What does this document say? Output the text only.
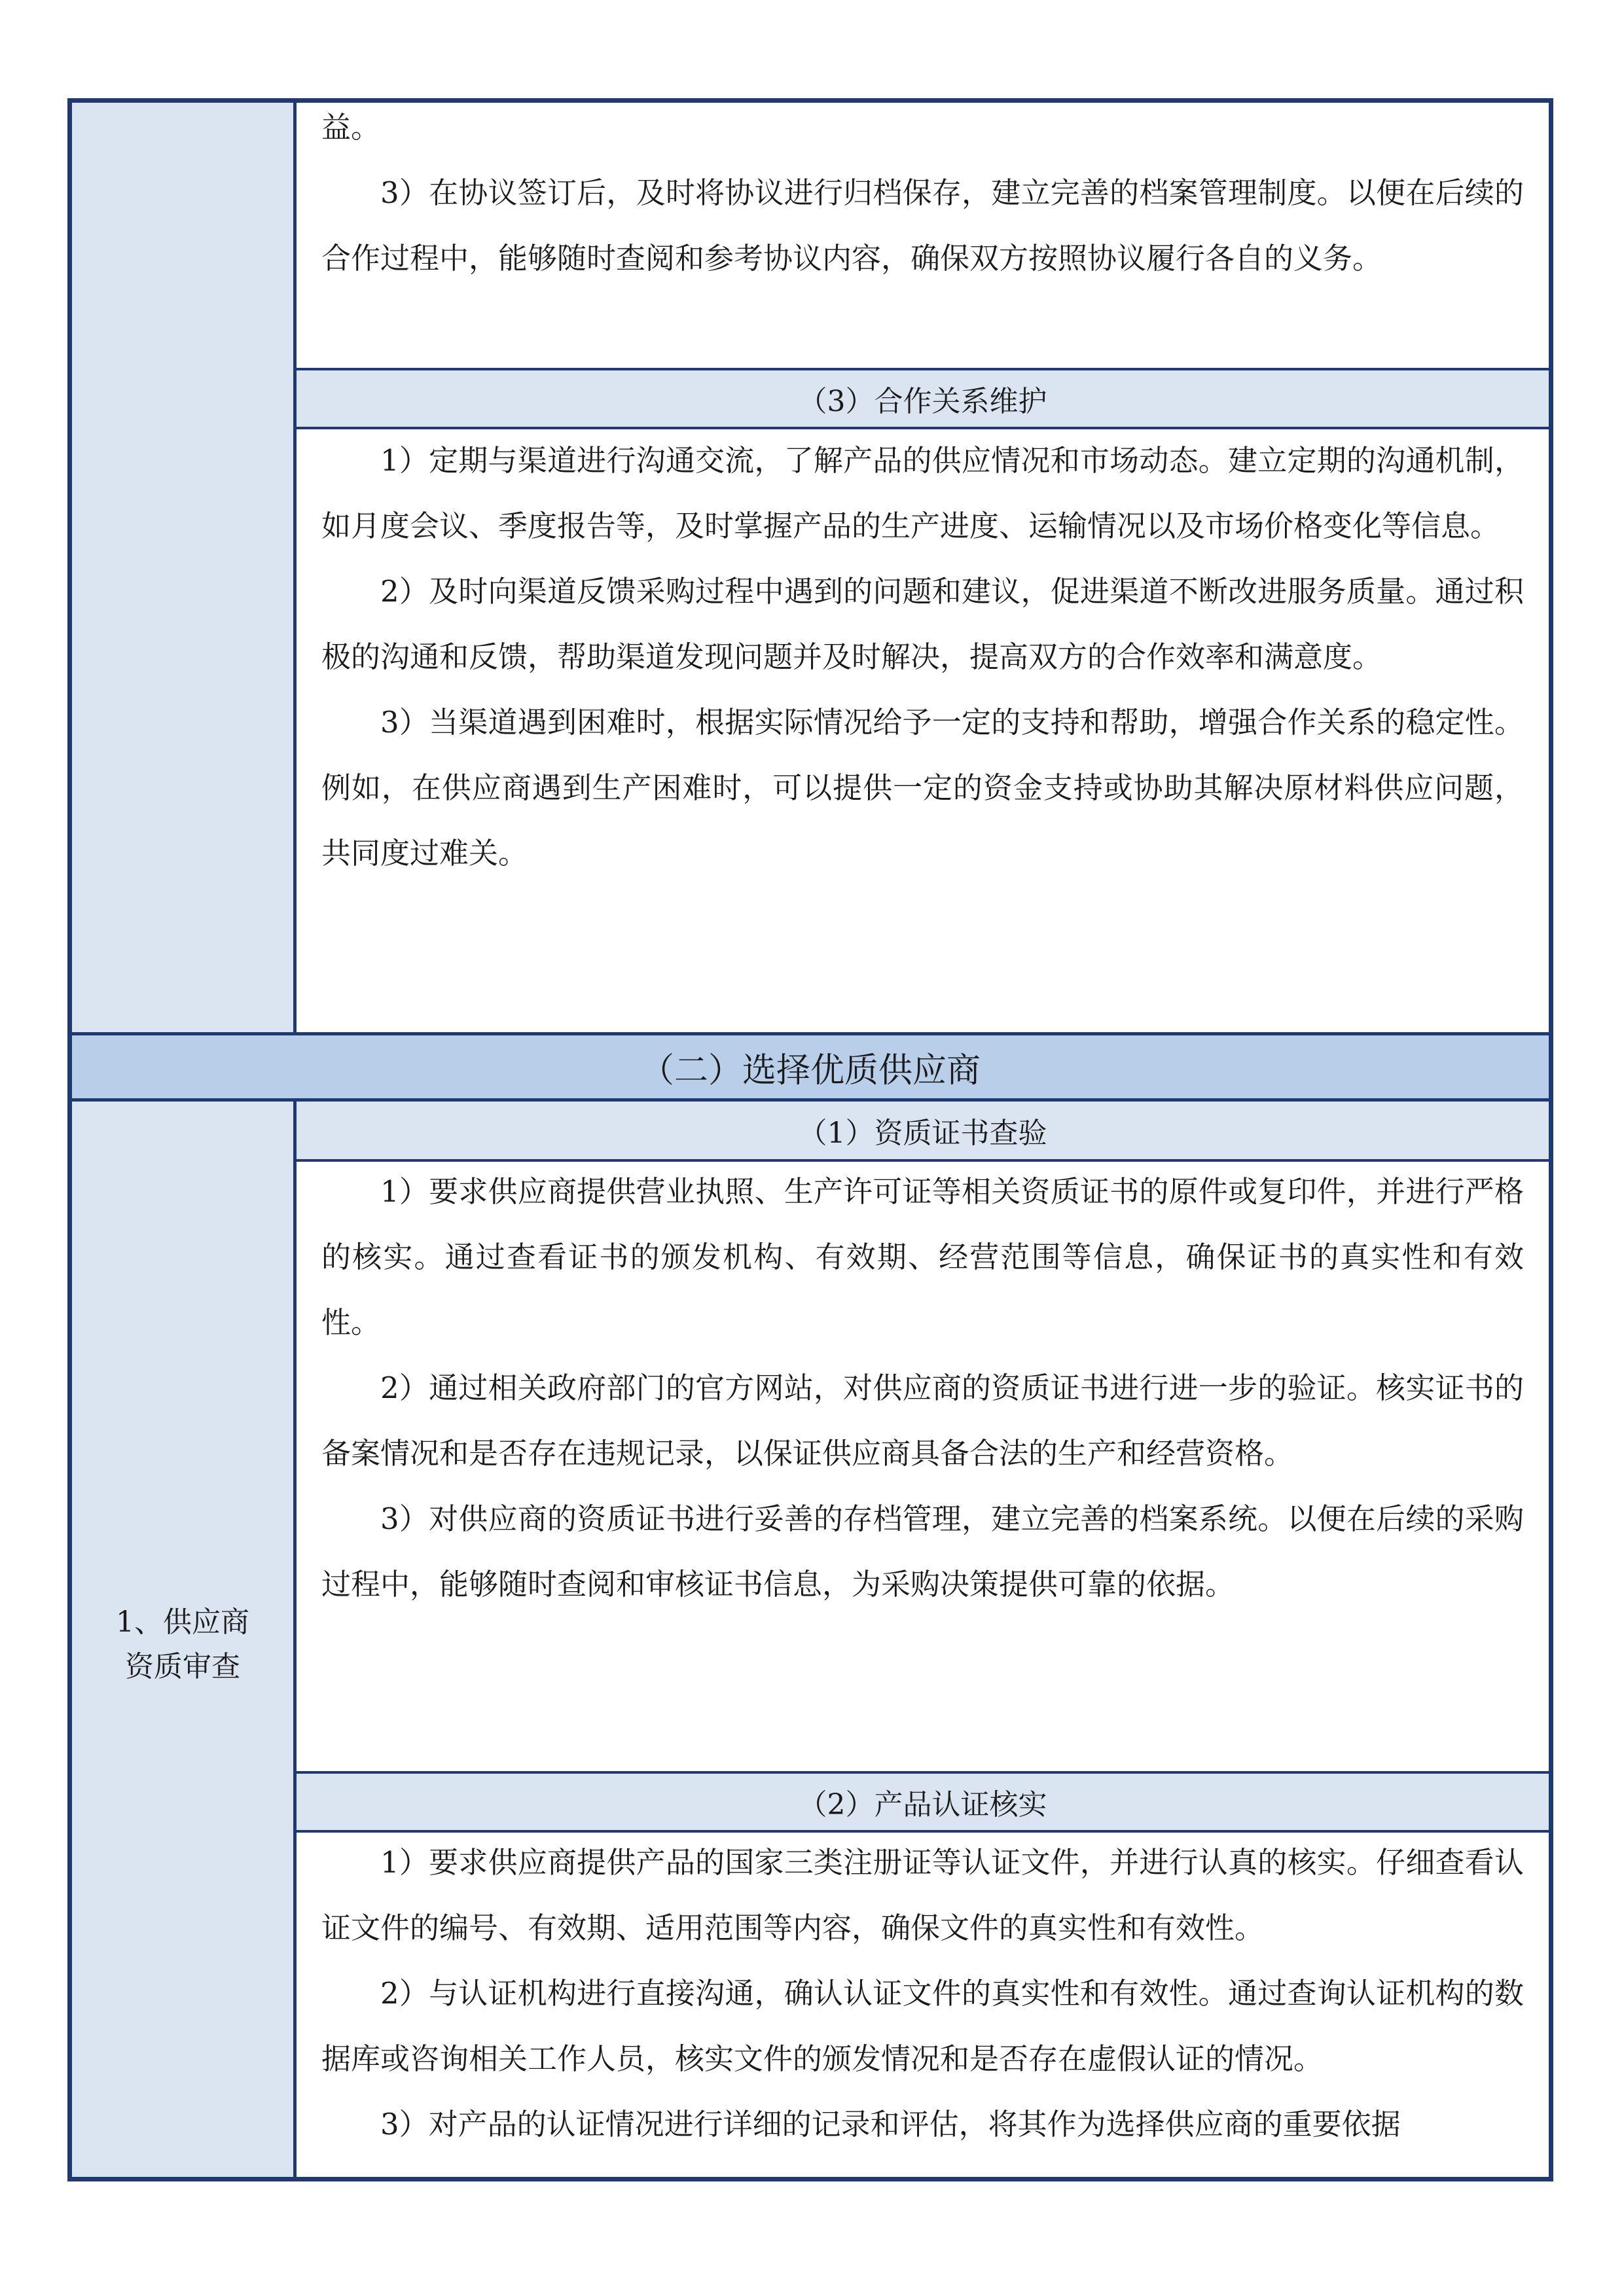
益。

3）在协议签订后，及时将协议进行归档保存，建立完善的档案管理制度。以便在后续的合作过程中，能够随时查阅和参考协议内容，确保双方按照协议履行各自的义务。

（3）合作关系维护

1）定期与渠道进行沟通交流，了解产品的供应情况和市场动态。建立定期的沟通机制，如月度会议、季度报告等，及时掌握产品的生产进度、运输情况以及市场价格变化等信息。

2）及时向渠道反馈采购过程中遇到的问题和建议，促进渠道不断改进服务质量。通过积极的沟通和反馈，帮助渠道发现问题并及时解决，提高双方的合作效率和满意度。

3）当渠道遇到困难时，根据实际情况给予一定的支持和帮助，增强合作关系的稳定性。例如，在供应商遇到生产困难时，可以提供一定的资金支持或协助其解决原材料供应问题，共同度过难关。

（二）选择优质供应商
1、供应商资质审查
（1）资质证书查验

1）要求供应商提供营业执照、生产许可证等相关资质证书的原件或复印件，并进行严格的核实。通过查看证书的颁发机构、有效期、经营范围等信息，确保证书的真实性和有效性。

2）通过相关政府部门的官方网站，对供应商的资质证书进行进一步的验证。核实证书的备案情况和是否存在违规记录，以保证供应商具备合法的生产和经营资格。

3）对供应商的资质证书进行妥善的存档管理，建立完善的档案系统。以便在后续的采购过程中，能够随时查阅和审核证书信息，为采购决策提供可靠的依据。

（2）产品认证核实

1）要求供应商提供产品的国家三类注册证等认证文件，并进行认真的核实。仔细查看认证文件的编号、有效期、适用范围等内容，确保文件的真实性和有效性。

2）与认证机构进行直接沟通，确认认证文件的真实性和有效性。通过查询认证机构的数据库或咨询相关工作人员，核实文件的颁发情况和是否存在虚假认证的情况。

3）对产品的认证情况进行详细的记录和评估，将其作为选择供应商的重要依据
